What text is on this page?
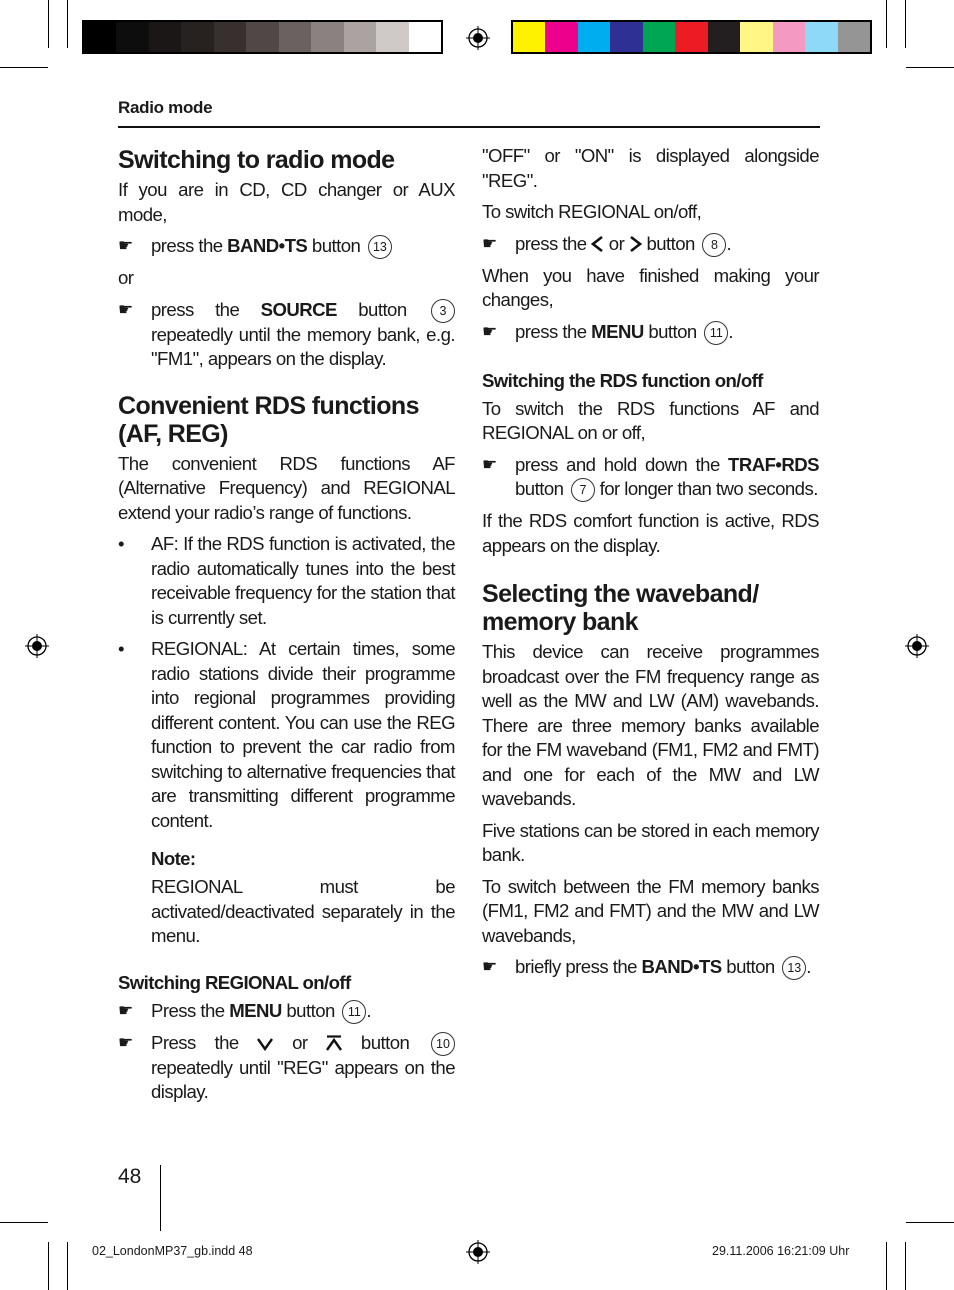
Radio mode
Switching to radio mode

If you are in CD, CD changer or AUX mode,

☛ press the BAND•TS button 13

or

☛ press the SOURCE button	3 repeatedly until the memory bank, e.g. "FM1", appears on the display.
Convenient RDS functions
(AF, REG)

The convenient RDS functions AF (Alternative Frequency) and REGIONAL extend your radio’s range of functions.

• AF: If the RDS function is activated, the radio automatically tunes into the best receivable frequency for the station that is currently set.
• REGIONAL: At certain times, some radio stations divide their programme into regional programmes providing different content. You can use the REG function to prevent the car radio from switching to alternative frequencies that are transmitting different programme content.
Note:

REGIONAL must be activated/deactivated separately in the menu.

Switching REGIONAL on/off
☛ Press the MENU button 11 .
☛ Press the  or  button 10 repeatedly until "REG" appears on the display.

"OFF" or "ON" is displayed alongside "REG".

To switch REGIONAL on/off,

☛ press the  or  button 8 .

When you have finished making your changes,

☛ press the MENU button 11 .
Switching the RDS function on/off

To switch the RDS functions AF and REGIONAL on or off,

☛ press and hold down the TRAF•RDS button 7 for longer than two seconds.

If the RDS comfort function is active, RDS appears on the display.

Selecting the waveband/
memory bank

This device can receive programmes broadcast over the FM frequency range as well as the MW and LW (AM) wavebands. There are three memory banks available for the FM waveband (FM1, FM2 and FMT) and one for each of the MW and LW wavebands.

Five stations can be stored in each memory bank.

To switch between the FM memory banks (FM1, FM2 and FMT) and the MW and LW wavebands,

☛ briefly press the BAND•TS button 13 .
48
02_LondonMP37_gb.indd 48	29.11.2006 16:21:09 Uhr
